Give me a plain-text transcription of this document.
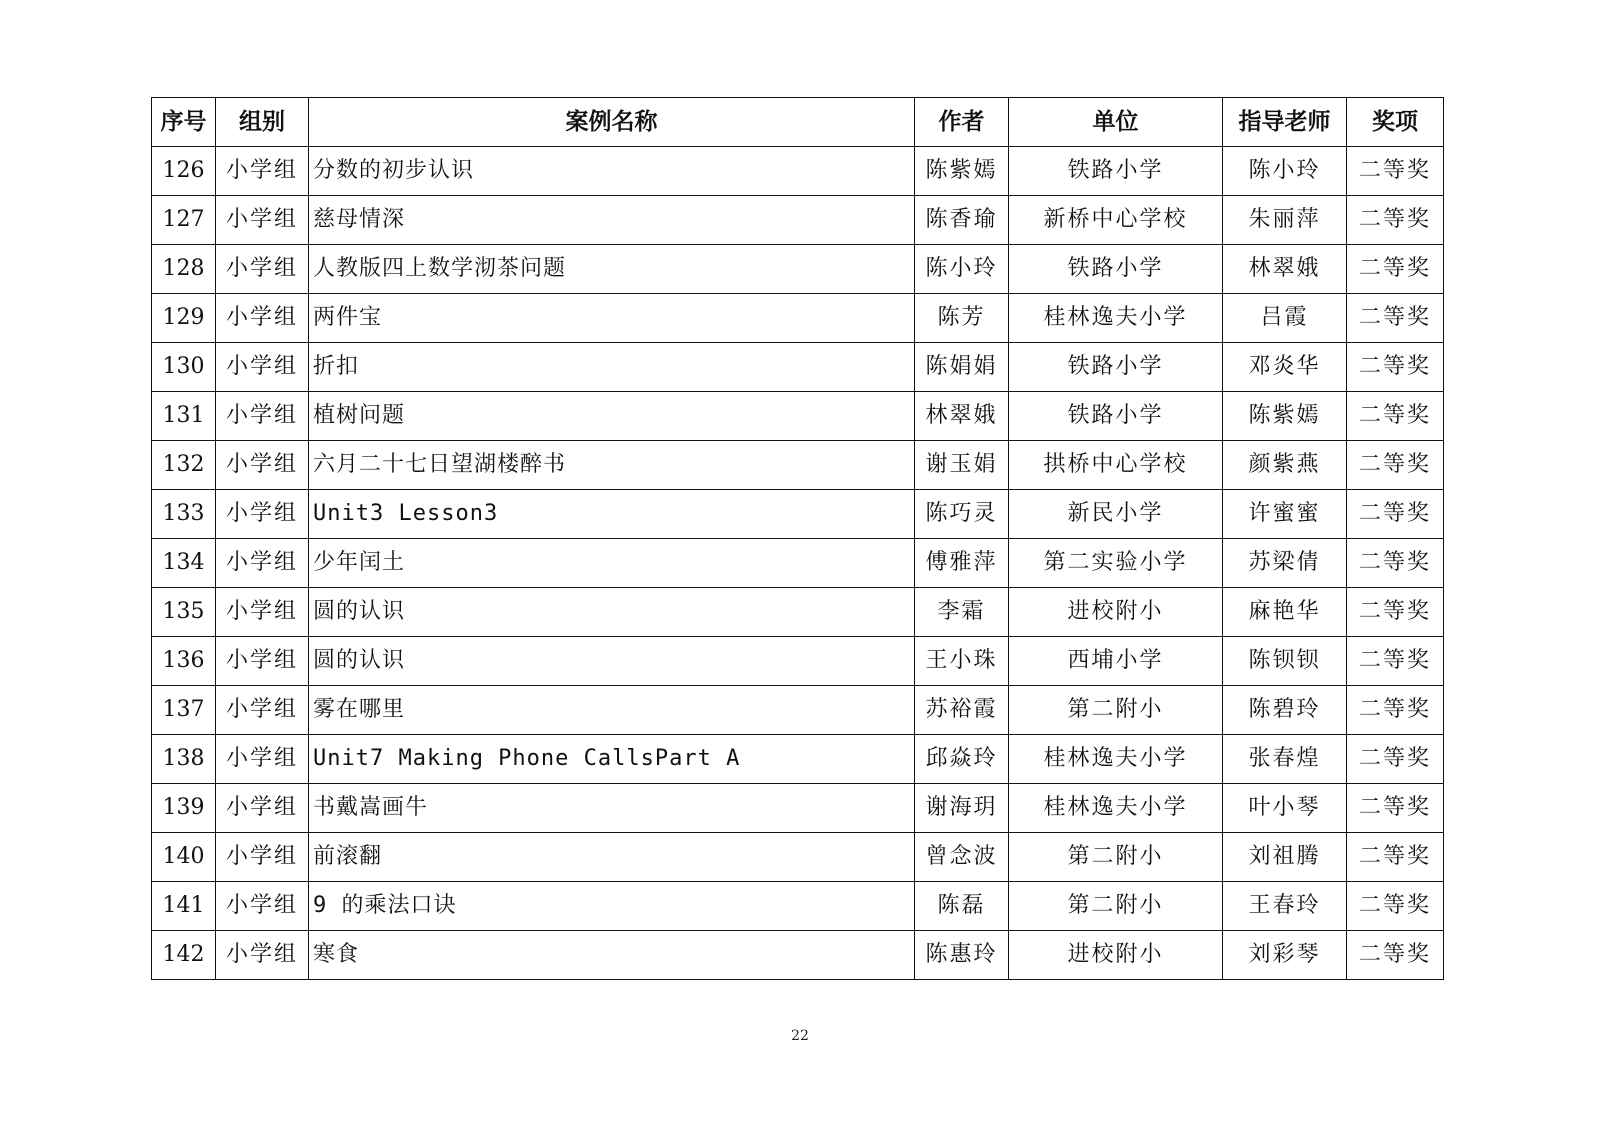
序号	组别	案例名称	作者	单位	指导老师	奖项
126	小学组	分数的初步认识	陈紫嫣	铁路小学	陈小玲	二等奖
127	小学组	慈母情深	陈香瑜	新桥中心学校	朱丽萍	二等奖
128	小学组	人教版四上数学沏茶问题	陈小玲	铁路小学	林翠娥	二等奖
129	小学组	两件宝	陈芳	桂林逸夫小学	吕霞	二等奖
130	小学组	折扣	陈娟娟	铁路小学	邓炎华	二等奖
131	小学组	植树问题	林翠娥	铁路小学	陈紫嫣	二等奖
132	小学组	六月二十七日望湖楼醉书	谢玉娟	拱桥中心学校	颜紫燕	二等奖
133	小学组	Unit3 Lesson3	陈巧灵	新民小学	许蜜蜜	二等奖
134	小学组	少年闰土	傅雅萍	第二实验小学	苏梁倩	二等奖
135	小学组	圆的认识	李霜	进校附小	麻艳华	二等奖
136	小学组	圆的认识	王小珠	西埔小学	陈钡钡	二等奖
137	小学组	雾在哪里	苏裕霞	第二附小	陈碧玲	二等奖
138	小学组	Unit7 Making Phone CallsPart A	邱焱玲	桂林逸夫小学	张春煌	二等奖
139	小学组	书戴嵩画牛	谢海玥	桂林逸夫小学	叶小琴	二等奖
140	小学组	前滚翻	曾念波	第二附小	刘祖腾	二等奖
141	小学组	9 的乘法口诀	陈磊	第二附小	王春玲	二等奖
142	小学组	寒食	陈惠玲	进校附小	刘彩琴	二等奖
22
